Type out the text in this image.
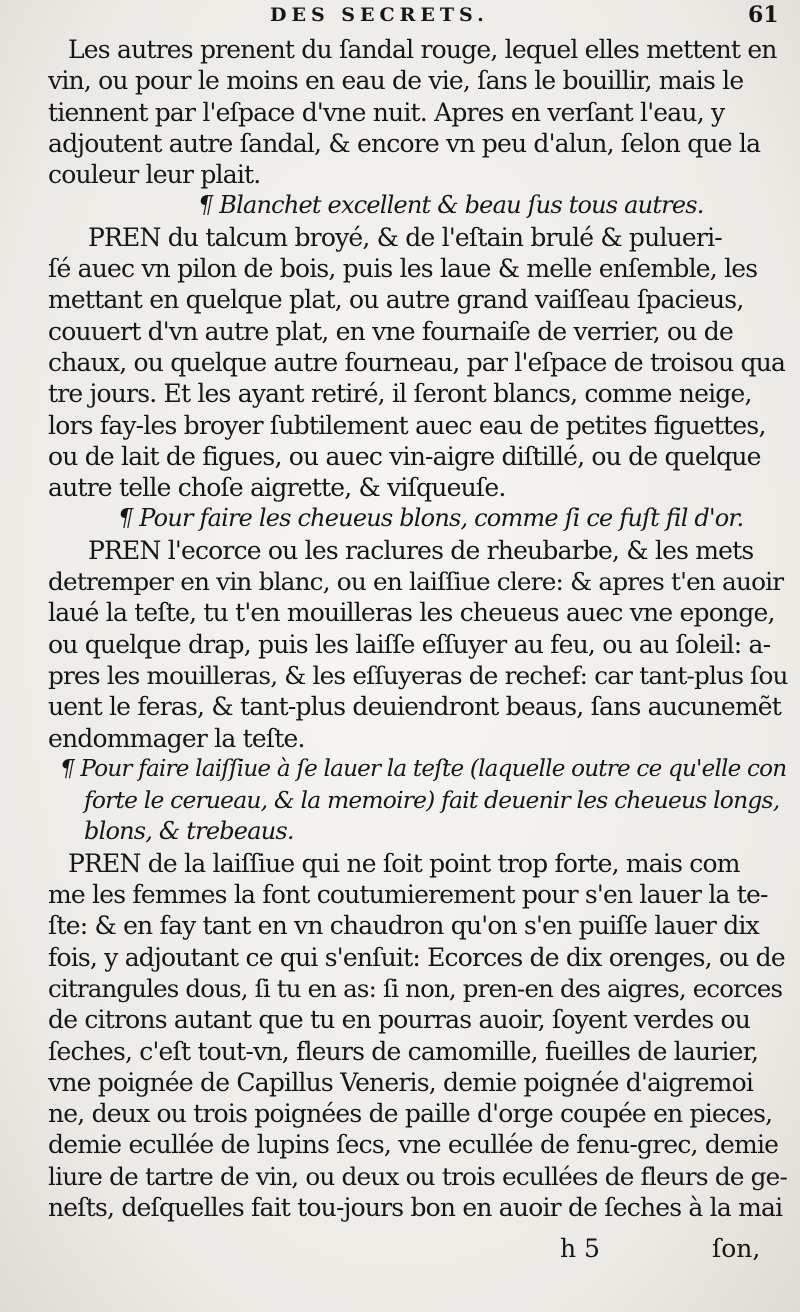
DES SECRETS.	61
Les autres prenent du ſandal rouge, lequel elles mettent en
vin, ou pour le moins en eau de vie, ſans le bouillir, mais le
tiennent par l'eſpace d'vne nuit. Apres en verſant l'eau, y
adjoutent autre ſandal, & encore vn peu d'alun, ſelon que la
couleur leur plait.
¶ Blanchet excellent & beau ſus tous autres.
PREN du talcum broyé, & de l'eſtain brulé & pulueri-
ſé auec vn pilon de bois, puis les laue & melle enſemble, les
mettant en quelque plat, ou autre grand vaiſſeau ſpacieus,
couuert d'vn autre plat, en vne fournaiſe de verrier, ou de
chaux, ou quelque autre fourneau, par l'eſpace de troisou qua
tre jours. Et les ayant retiré, il ſeront blancs, comme neige,
lors fay-les broyer ſubtilement auec eau de petites figuettes,
ou de lait de figues, ou auec vin-aigre diſtillé, ou de quelque
autre telle choſe aigrette, & viſqueuſe.
¶ Pour faire les cheueus blons, comme ſi ce fuſt fil d'or.
PREN l'ecorce ou les raclures de rheubarbe, & les mets
detremper en vin blanc, ou en laiſſiue clere: & apres t'en auoir
laué la teſte, tu t'en mouilleras les cheueus auec vne eponge,
ou quelque drap, puis les laiſſe eſſuyer au feu, ou au ſoleil: a-
pres les mouilleras, & les eſſuyeras de rechef: car tant-plus ſou
uent le feras, & tant-plus deuiendront beaus, ſans aucunemẽt
endommager la teſte.
¶ Pour faire laiſſiue à ſe lauer la teſte (laquelle outre ce qu'elle con
forte le cerueau, & la memoire) fait deuenir les cheueus longs,
blons, & trebeaus.
PREN de la laiſſiue qui ne ſoit point trop forte, mais com
me les femmes la font coutumierement pour s'en lauer la te-
ſte: & en fay tant en vn chaudron qu'on s'en puiſſe lauer dix
fois, y adjoutant ce qui s'enſuit: Ecorces de dix orenges, ou de
citrangules dous, ſi tu en as: ſi non, pren-en des aigres, ecorces
de citrons autant que tu en pourras auoir, ſoyent verdes ou
ſeches, c'eſt tout-vn, fleurs de camomille, fueilles de laurier,
vne poignée de Capillus Veneris, demie poignée d'aigremoi
ne, deux ou trois poignées de paille d'orge coupée en pieces,
demie ecullée de lupins ſecs, vne ecullée de fenu-grec, demie
liure de tartre de vin, ou deux ou trois ecullées de fleurs de ge-
neſts, deſquelles fait tou-jours bon en auoir de ſeches à la mai
h 5	ſon,
